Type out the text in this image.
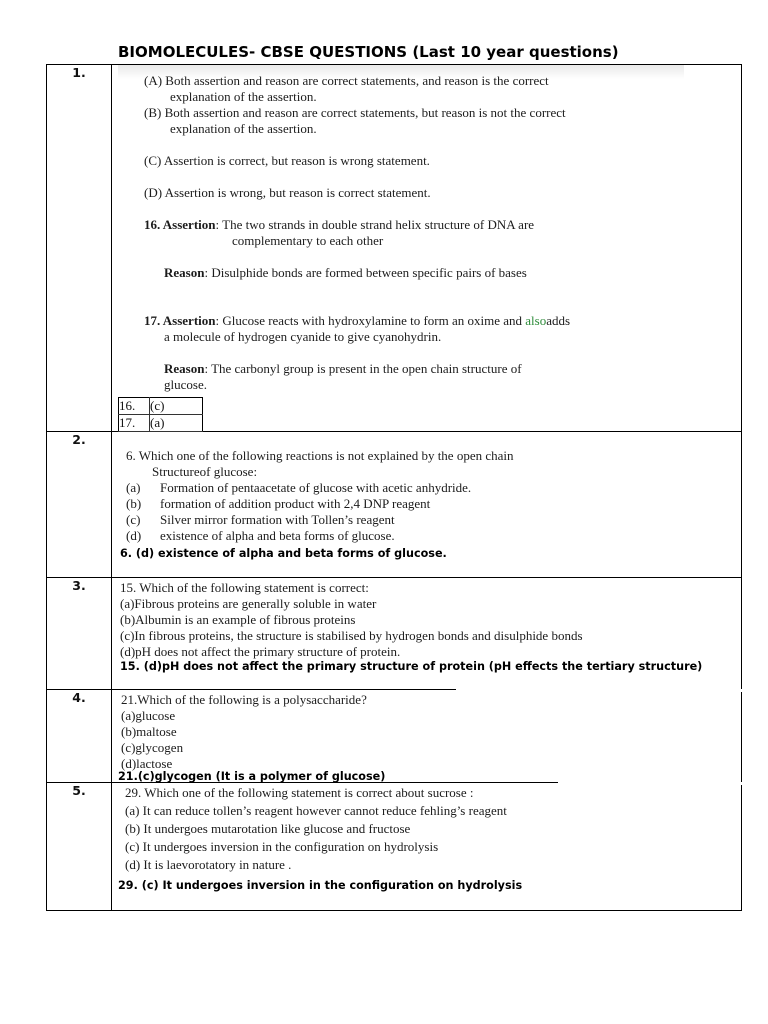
BIOMOLECULES- CBSE QUESTIONS (Last 10 year questions)
1.	

(A) Both assertion and reason are correct statements, and reason is the correct

explanation of the assertion.

(B) Both assertion and reason are correct statements, but reason is not the correct

explanation of the assertion.

(C) Assertion is correct, but reason is wrong statement.

(D) Assertion is wrong, but reason is correct statement.

16. Assertion: The two strands in double strand helix structure of DNA are

complementary to each other

Reason: Disulphide bonds are formed between specific pairs of bases

17. Assertion: Glucose reacts with hydroxylamine to form an oxime and alsoadds

a molecule of hydrogen cyanide to give cyanohydrin.

Reason: The carbonyl group is present in the open chain structure of

glucose.

16.	(c)
17.	(a)

2.	

6. Which one of the following reactions is not explained by the open chain

Structureof glucose:

(a)	Formation of pentaacetate of glucose with acetic anhydride.
(b)	formation of addition product with 2,4 DNP reagent
(c)	Silver mirror formation with Tollen’s reagent
(d)	existence of alpha and beta forms of glucose.

6. (d) existence of alpha and beta forms of glucose.

3.	15. Which of the following statement is correct:

(a)Fibrous proteins are generally soluble in water

(b)Albumin is an example of fibrous proteins

(c)In fibrous proteins, the structure is stabilised by hydrogen bonds and disulphide bonds

(d)pH does not affect the primary structure of protein.

15. (d)pH does not affect the primary structure of protein (pH effects the tertiary structure)

4.	21.Which of the following is a polysaccharide?

(a)glucose

(b)maltose

(c)glycogen

(d)lactose

21.(c)glycogen (It is a polymer of glucose)

5.	29. Which one of the following statement is correct about sucrose :

(a) It can reduce tollen’s reagent however cannot reduce fehling’s reagent

(b) It undergoes mutarotation like glucose and fructose

(c) It undergoes inversion in the configuration on hydrolysis

(d) It is laevorotatory in nature .

29. (c) It undergoes inversion in the configuration on hydrolysis
